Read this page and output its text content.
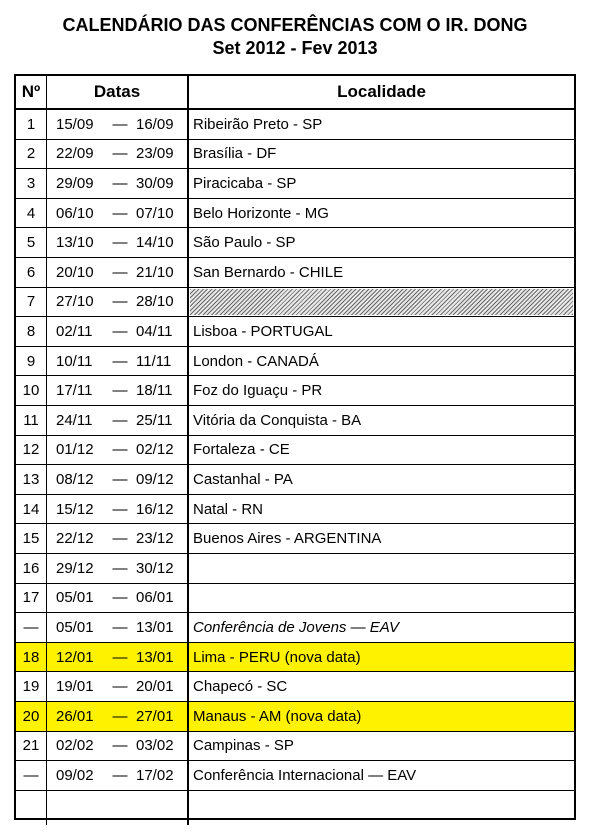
CALENDÁRIO DAS CONFERÊNCIAS COM O IR. DONG
Set 2012 - Fev 2013
Nº	Datas	Localidade
1	15/09	— 16/09	Ribeirão Preto - SP
2	22/09	— 23/09	Brasília - DF
3	29/09	— 30/09	Piracicaba - SP
4	06/10	— 07/10	Belo Horizonte - MG
5	13/10	— 14/10	São Paulo - SP
6	20/10	— 21/10	San Bernardo - CHILE
7	27/10	— 28/10
8	02/11	— 04/11	Lisboa - PORTUGAL
9	10/11	— 11/11	London - CANADÁ
10	17/11	— 18/11	Foz do Iguaçu - PR
11	24/11	— 25/11	Vitória da Conquista - BA
12	01/12	— 02/12	Fortaleza - CE
13	08/12	— 09/12	Castanhal - PA
14	15/12	— 16/12	Natal - RN
15	22/12	— 23/12	Buenos Aires - ARGENTINA
16	29/12	— 30/12
17	05/01	— 06/01
—	05/01	— 13/01	Conferência de Jovens — EAV
18	12/01	— 13/01	Lima - PERU (nova data)
19	19/01	— 20/01	Chapecó - SC
20	26/01	— 27/01	Manaus - AM (nova data)
21	02/02	— 03/02	Campinas - SP
—	09/02	— 17/02	Conferência Internacional — EAV
